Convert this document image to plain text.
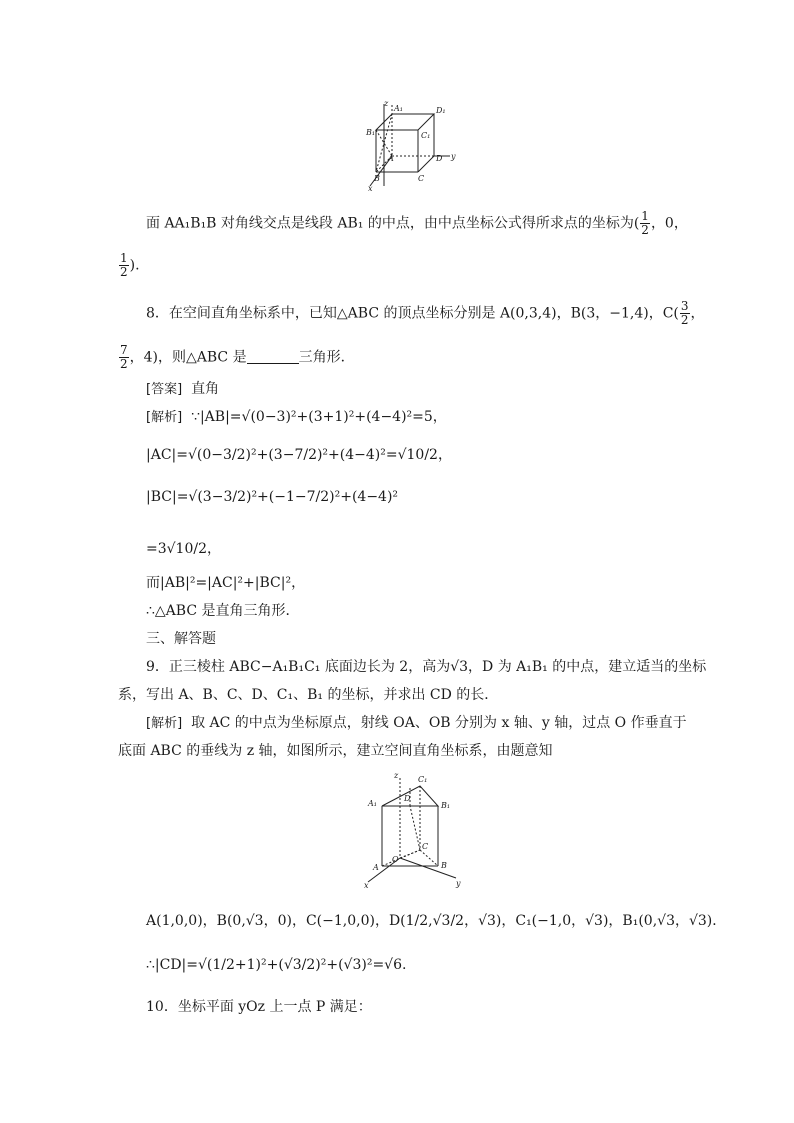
z
A₁	D₁
B₁	C₁
A	D y
B	C
x
面 AA₁B₁B 对角线交点是线段 AB₁ 的中点，由中点坐标公式得所求点的坐标为( $\frac{1}{2}$ ，0，
$\frac{1}{2}$ ).
8．在空间直角坐标系中，已知△ABC 的顶点坐标分别是 A(0,3,4)，B(3，−1,4)，$C( \frac{3}{2}$ ，
$\frac{7}{2}$ ，4)，则△ABC 是	三角形．
[答案] 直角
[解析] ∵|AB|=√(0−3)²+(3+1)²+(4−4)²=5，
|AC|=√(0−3/2)²+(3−7/2)²+(4−4)²=√10/2，
|BC|=√(3−3/2)²+(−1−7/2)²+(4−4)²
=3√10/2，
而|AB|²=|AC|²+|BC|²，
∴△ABC 是直角三角形．
三、解答题
9．正三棱柱 ABC−A₁B₁C₁ 底面边长为 2，高为√3，D 为 A₁B₁ 的中点，建立适当的坐标
系，写出 A、B、C、D、C₁、B₁ 的坐标，并求出 CD 的长．
[解析] 取 AC 的中点为坐标原点，射线 OA、OB 分别为 x 轴、y 轴，过点 O 作垂直于
底面 ABC 的垂线为 z 轴，如图所示，建立空间直角坐标系，由题意知
z C₁
A₁
D
B₁
C
A
O
B
x	y
A(1,0,0)，B(0,√3，0)，C(−1,0,0)，D(1/2,√3/2，√3)，C₁(−1,0，√3)，B₁(0,√3，√3)．
∴|CD|=√(1/2+1)²+(√3/2)²+(√3)²=√6.
10．坐标平面 yOz 上一点 P 满足：
